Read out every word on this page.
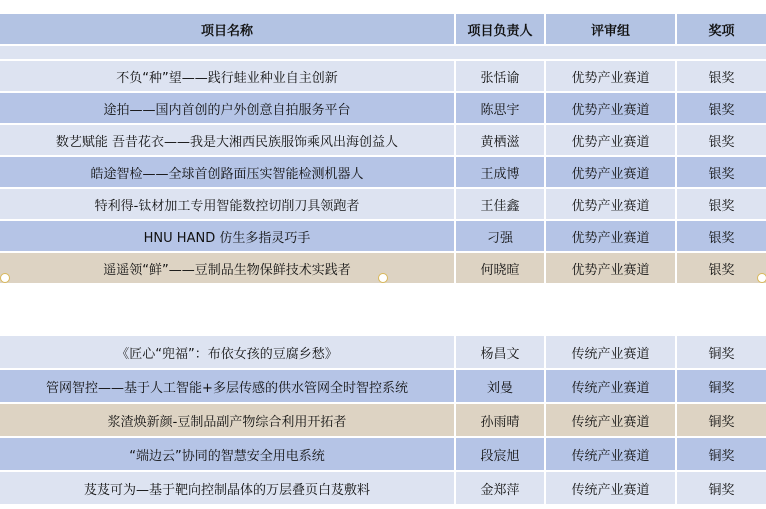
项目名称	项目负责人	评审组	奖项
不负“种”望——践行蛙业种业自主创新	张恬谕	优势产业赛道	银奖
途拍——国内首创的户外创意自拍服务平台	陈思宇	优势产业赛道	银奖
数艺赋能 吾昔花衣——我是大湘西民族服饰乘风出海创益人	黄栖滋	优势产业赛道	银奖
皓途智检——全球首创路面压实智能检测机器人	王成博	优势产业赛道	银奖
特利得-钛材加工专用智能数控切削刀具领跑者	王佳鑫	优势产业赛道	银奖
HNU HAND 仿生多指灵巧手	刁强	优势产业赛道	银奖
遥遥领“鲜”——豆制品生物保鲜技术实践者	何晓暄	优势产业赛道	银奖
《匠心“兜福”：布依女孩的豆腐乡愁》	杨昌文	传统产业赛道	铜奖
管网智控——基于人工智能+多层传感的供水管网全时智控系统	刘曼	传统产业赛道	铜奖
浆渣焕新颜-豆制品副产物综合利用开拓者	孙雨晴	传统产业赛道	铜奖
“端边云”协同的智慧安全用电系统	段宸旭	传统产业赛道	铜奖
芨芨可为—基于靶向控制晶体的万层叠页白芨敷料	金郑萍	传统产业赛道	铜奖
